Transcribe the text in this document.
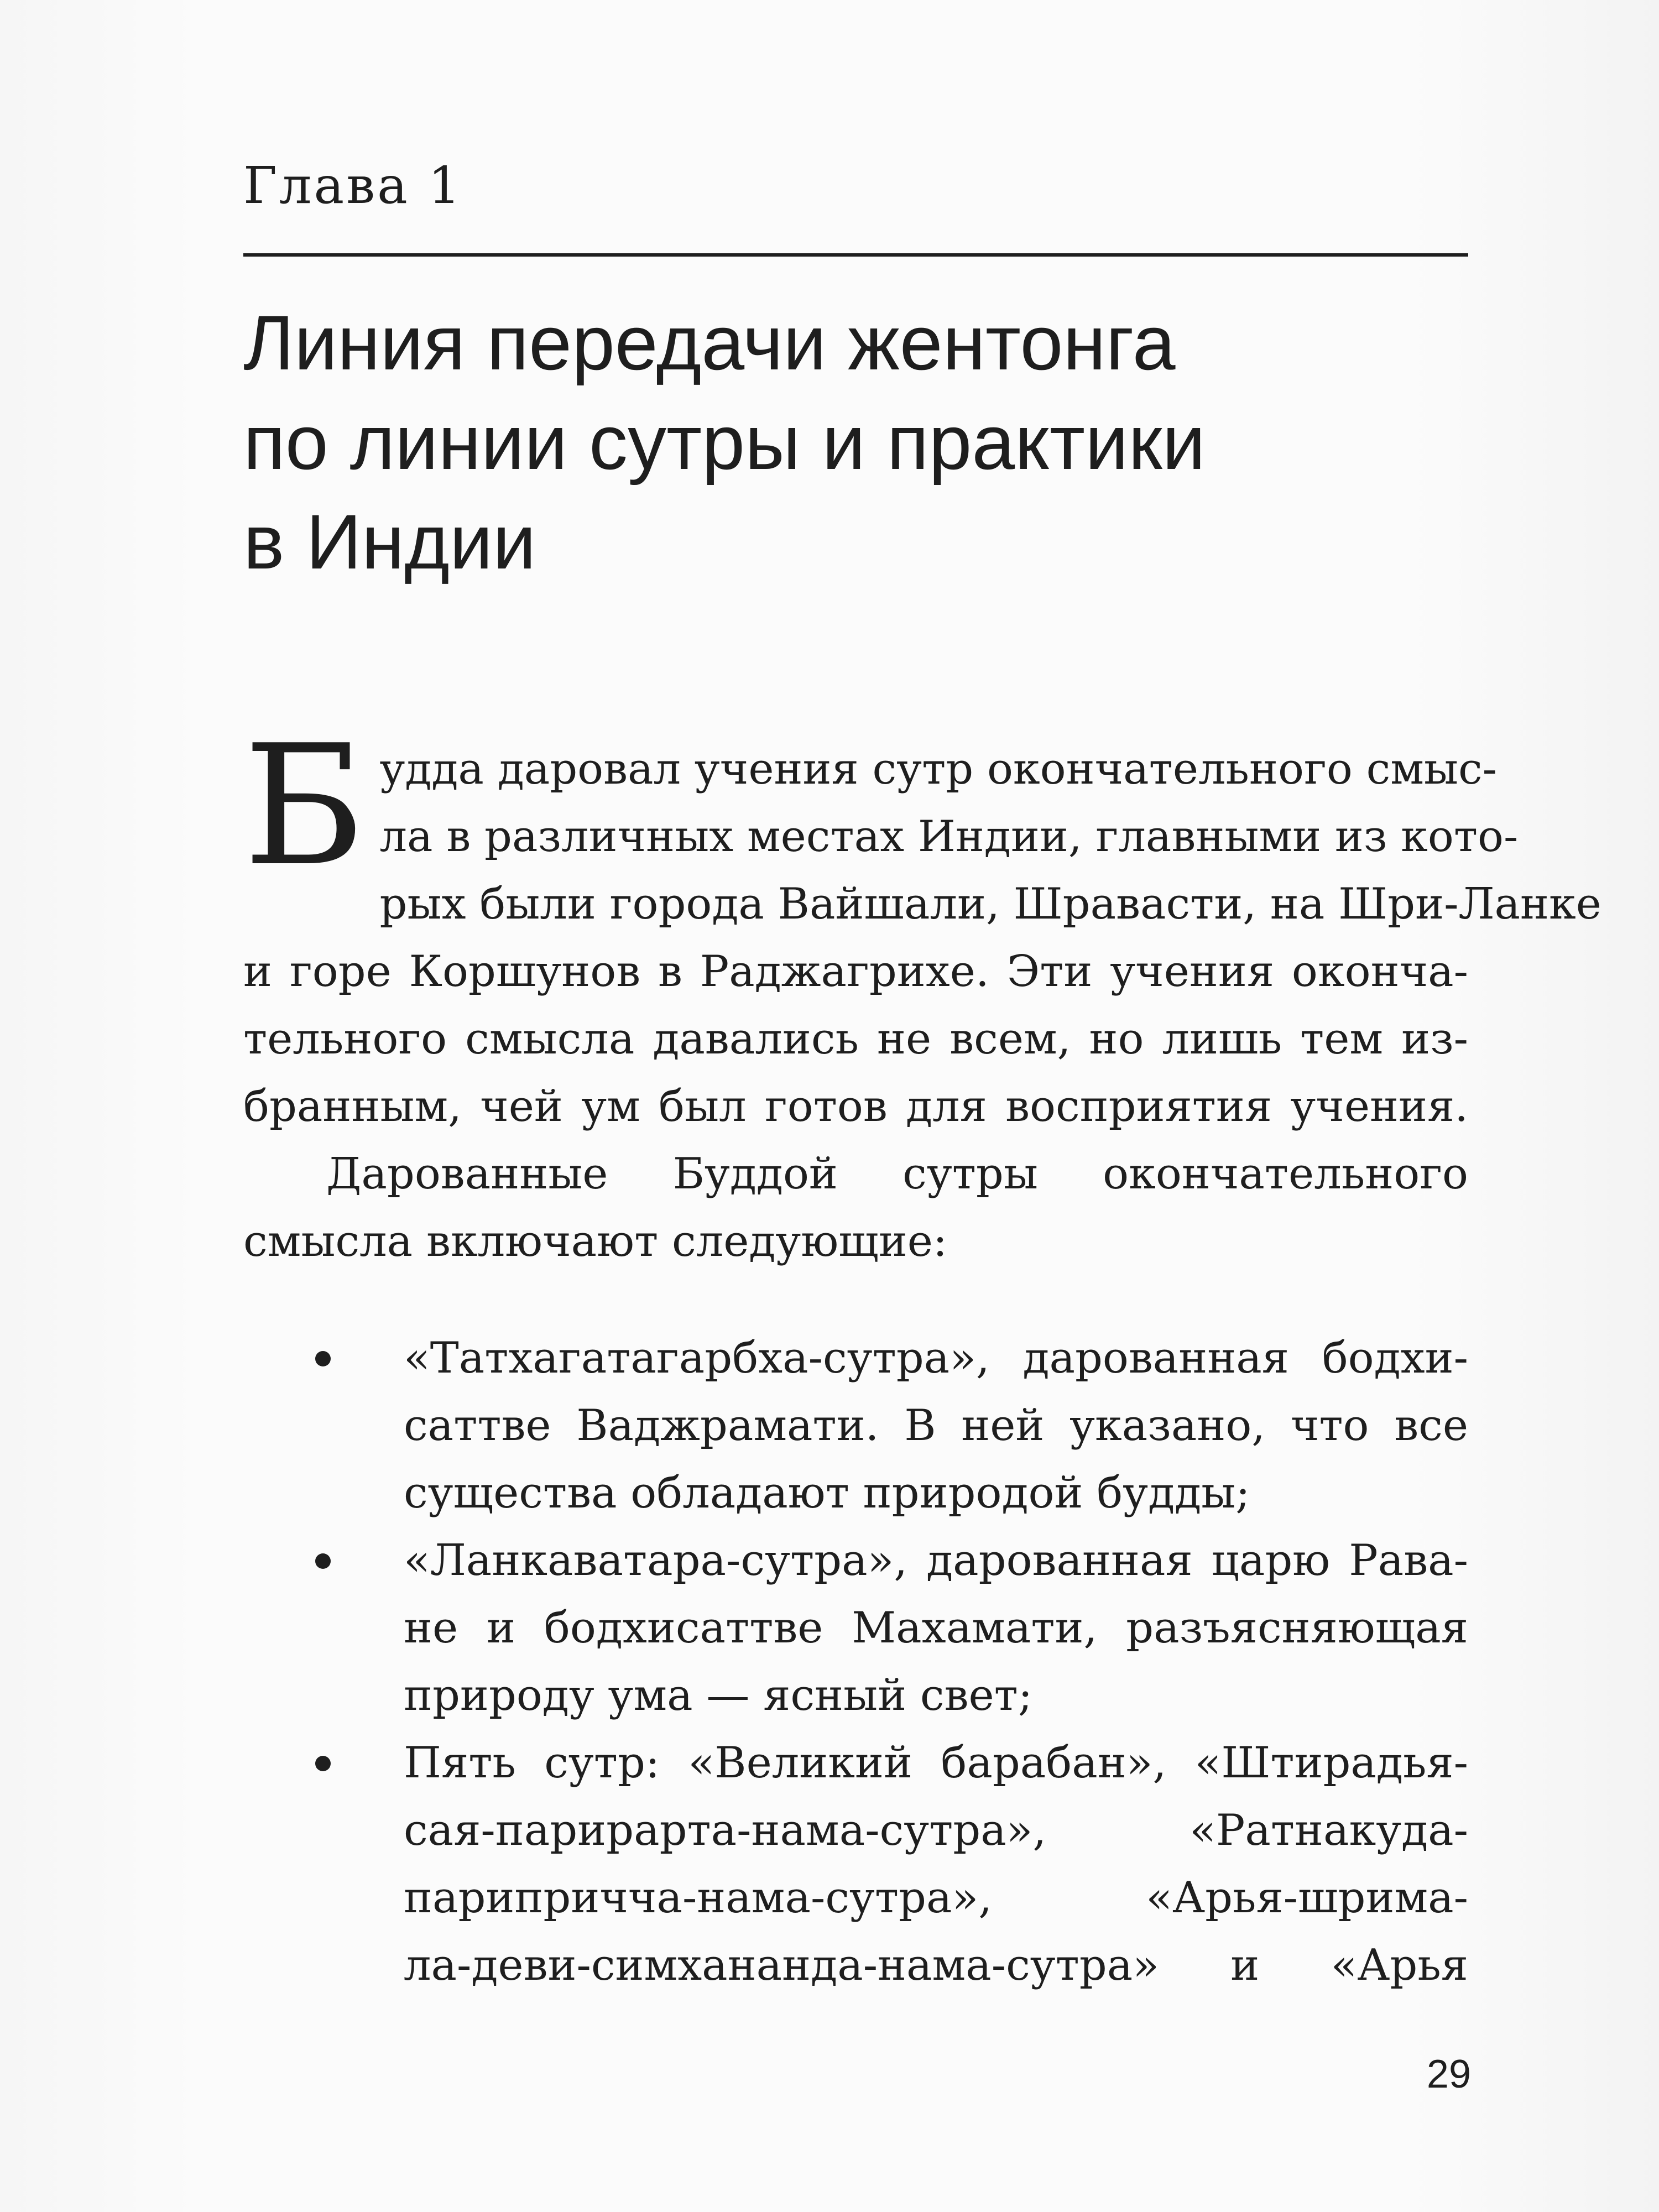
Глава 1
Линия передачи жентонга
по линии сутры и практики
в Индии
Б удда даровал учения сутр окончательного смыс-
ла в различных местах Индии, главными из кото-
рых были города Вайшали, Шравасти, на Шри-Ланке
и горе Коршунов в Раджагрихе. Эти учения оконча-
тельного смысла давались не всем, но лишь тем из-
бранным, чей ум был готов для восприятия учения.
Дарованные Буддой сутры окончательного
смысла включают следующие:
«Татхагатагарбха-сутра», дарованная бодхи-
саттве Ваджрамати. В ней указано, что все
существа обладают природой будды;
«Ланкаватара-сутра», дарованная царю Рава-
не и бодхисаттве Махамати, разъясняющая
природу ума — ясный свет;
Пять сутр: «Великий барабан», «Штирадья-
сая-парирарта-нама-сутра», «Ратнакуда-
парипричча-нама-сутра», «Арья-шрима-
ла-деви-симхананда-нама-сутра» и «Арья
29
